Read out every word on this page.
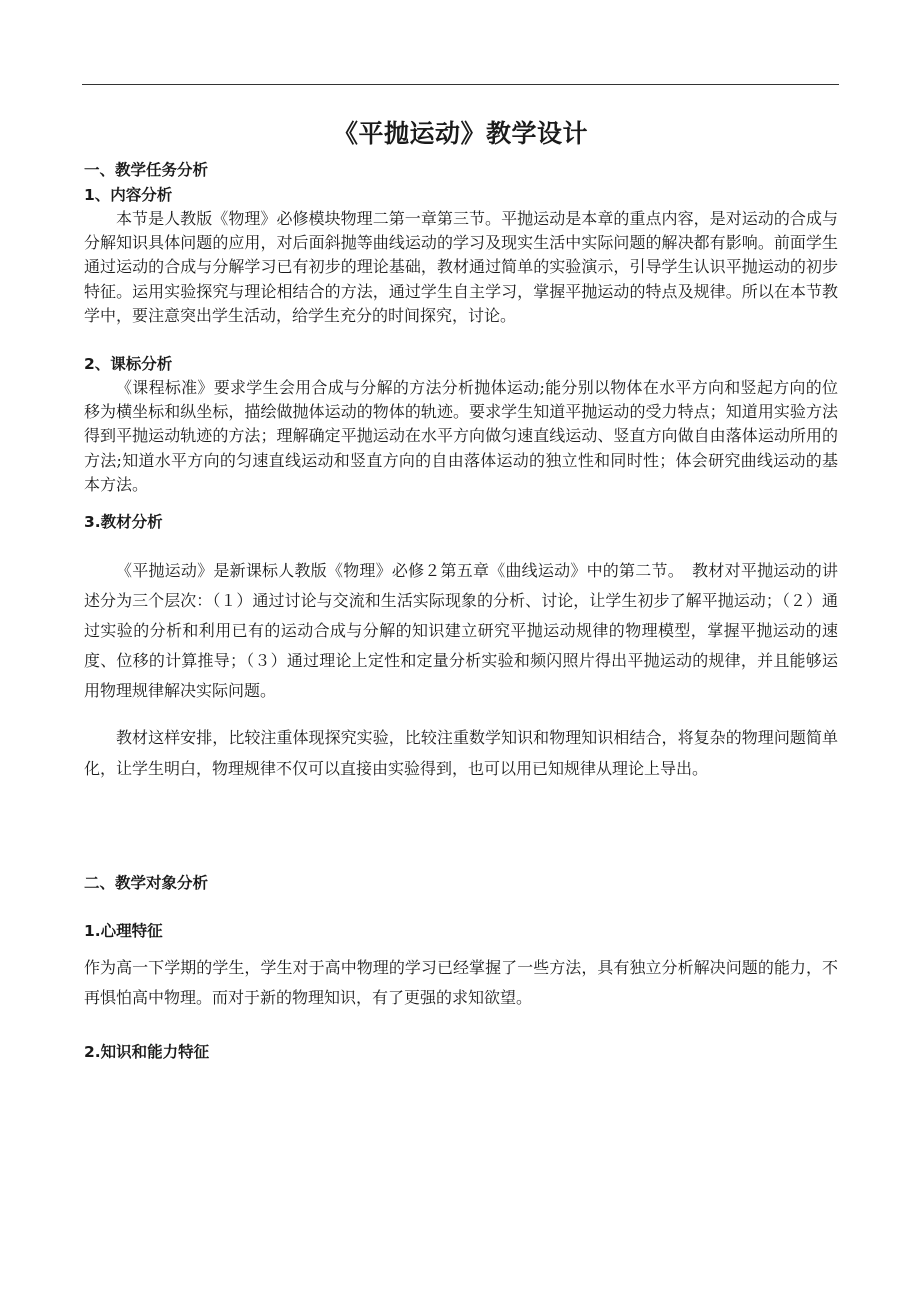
《平抛运动》教学设计
一、教学任务分析
1、内容分析

本节是人教版《物理》必修模块物理二第一章第三节。平抛运动是本章的重点内容，是对运动的合成与分解知识具体问题的应用，对后面斜抛等曲线运动的学习及现实生活中实际问题的解决都有影响。前面学生通过运动的合成与分解学习已有初步的理论基础，教材通过简单的实验演示，引导学生认识平抛运动的初步特征。运用实验探究与理论相结合的方法，通过学生自主学习，掌握平抛运动的特点及规律。所以在本节教学中，要注意突出学生活动，给学生充分的时间探究，讨论。

2、课标分析

《课程标准》要求学生会用合成与分解的方法分析抛体运动;能分别以物体在水平方向和竖起方向的位移为横坐标和纵坐标，描绘做抛体运动的物体的轨迹。要求学生知道平抛运动的受力特点；知道用实验方法得到平抛运动轨迹的方法；理解确定平抛运动在水平方向做匀速直线运动、竖直方向做自由落体运动所用的方法;知道水平方向的匀速直线运动和竖直方向的自由落体运动的独立性和同时性；体会研究曲线运动的基本方法。

3.教材分析

《平抛运动》是新课标人教版《物理》必修２第五章《曲线运动》中的第二节。　教材对平抛运动的讲述分为三个层次：（１）通过讨论与交流和生活实际现象的分析、讨论，让学生初步了解平抛运动；（２）通过实验的分析和利用已有的运动合成与分解的知识建立研究平抛运动规律的物理模型，掌握平抛运动的速度、位移的计算推导；（３）通过理论上定性和定量分析实验和频闪照片得出平抛运动的规律，并且能够运用物理规律解决实际问题。

教材这样安排，比较注重体现探究实验，比较注重数学知识和物理知识相结合，将复杂的物理问题简单化，让学生明白，物理规律不仅可以直接由实验得到，也可以用已知规律从理论上导出。

二、教学对象分析
1.心理特征

作为高一下学期的学生，学生对于高中物理的学习已经掌握了一些方法，具有独立分析解决问题的能力，不再惧怕高中物理。而对于新的物理知识，有了更强的求知欲望。

2.知识和能力特征
